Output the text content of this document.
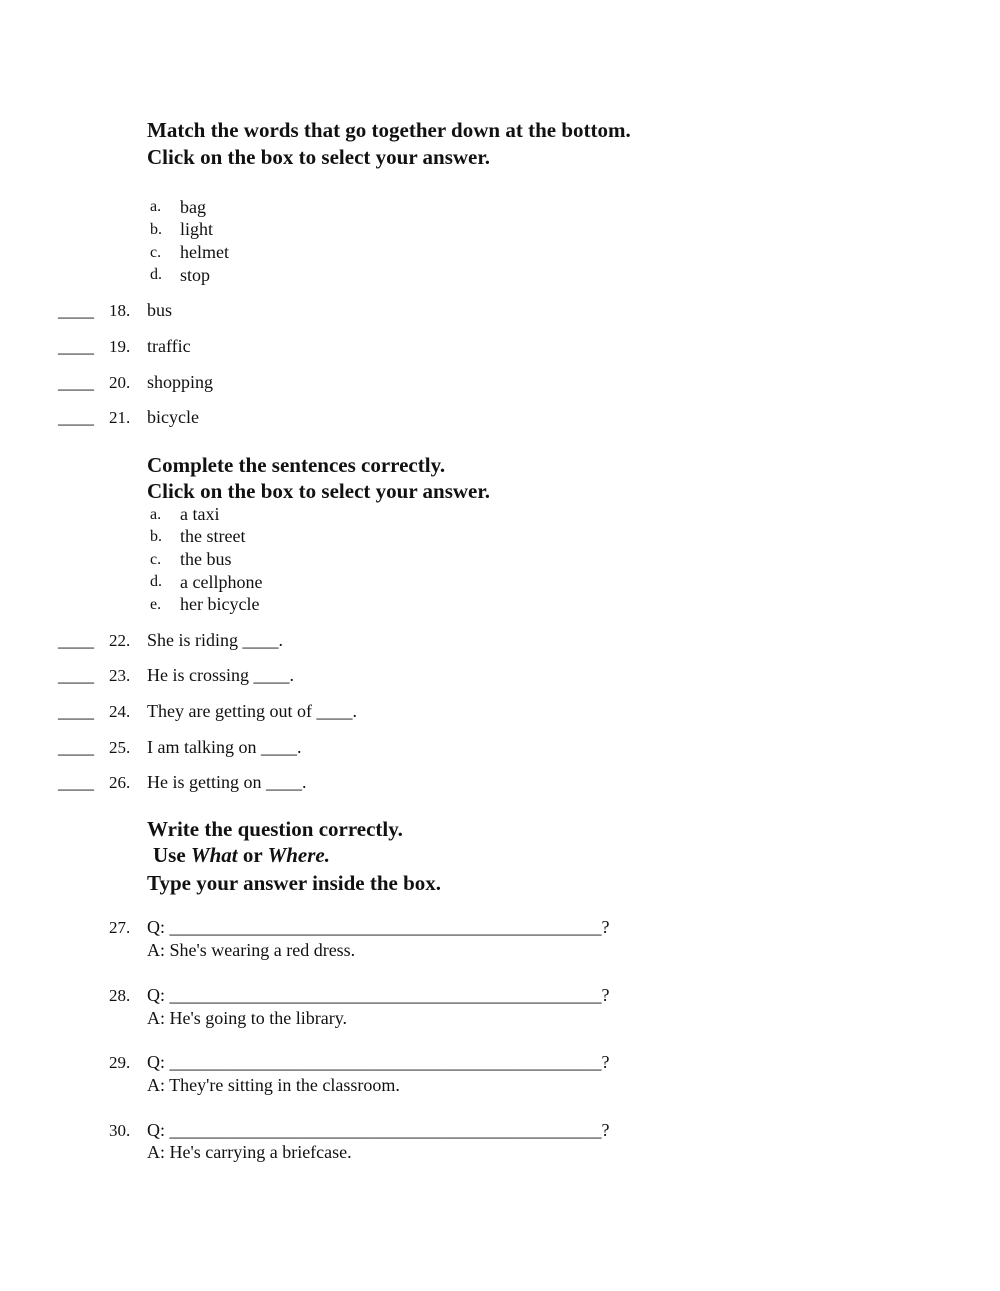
Match the words that go together down at the bottom.
Click on the box to select your answer.
a. bag
b. light
c. helmet
d. stop
____ 18. bus
____ 19. traffic
____ 20. shopping
____ 21. bicycle
Complete the sentences correctly.
Click on the box to select your answer.
a. a taxi
b. the street
c. the bus
d. a cellphone
e. her bicycle
____ 22. She is riding ____.
____ 23. He is crossing ____.
____ 24. They are getting out of ____.
____ 25. I am talking on ____.
____ 26. He is getting on ____.
Write the question correctly.
Use What or Where.
Type your answer inside the box.
27. Q: ________________________________________________?
A: She's wearing a red dress.
28. Q: ________________________________________________?
A: He's going to the library.
29. Q: ________________________________________________?
A: They're sitting in the classroom.
30. Q: ________________________________________________?
A: He's carrying a briefcase.
